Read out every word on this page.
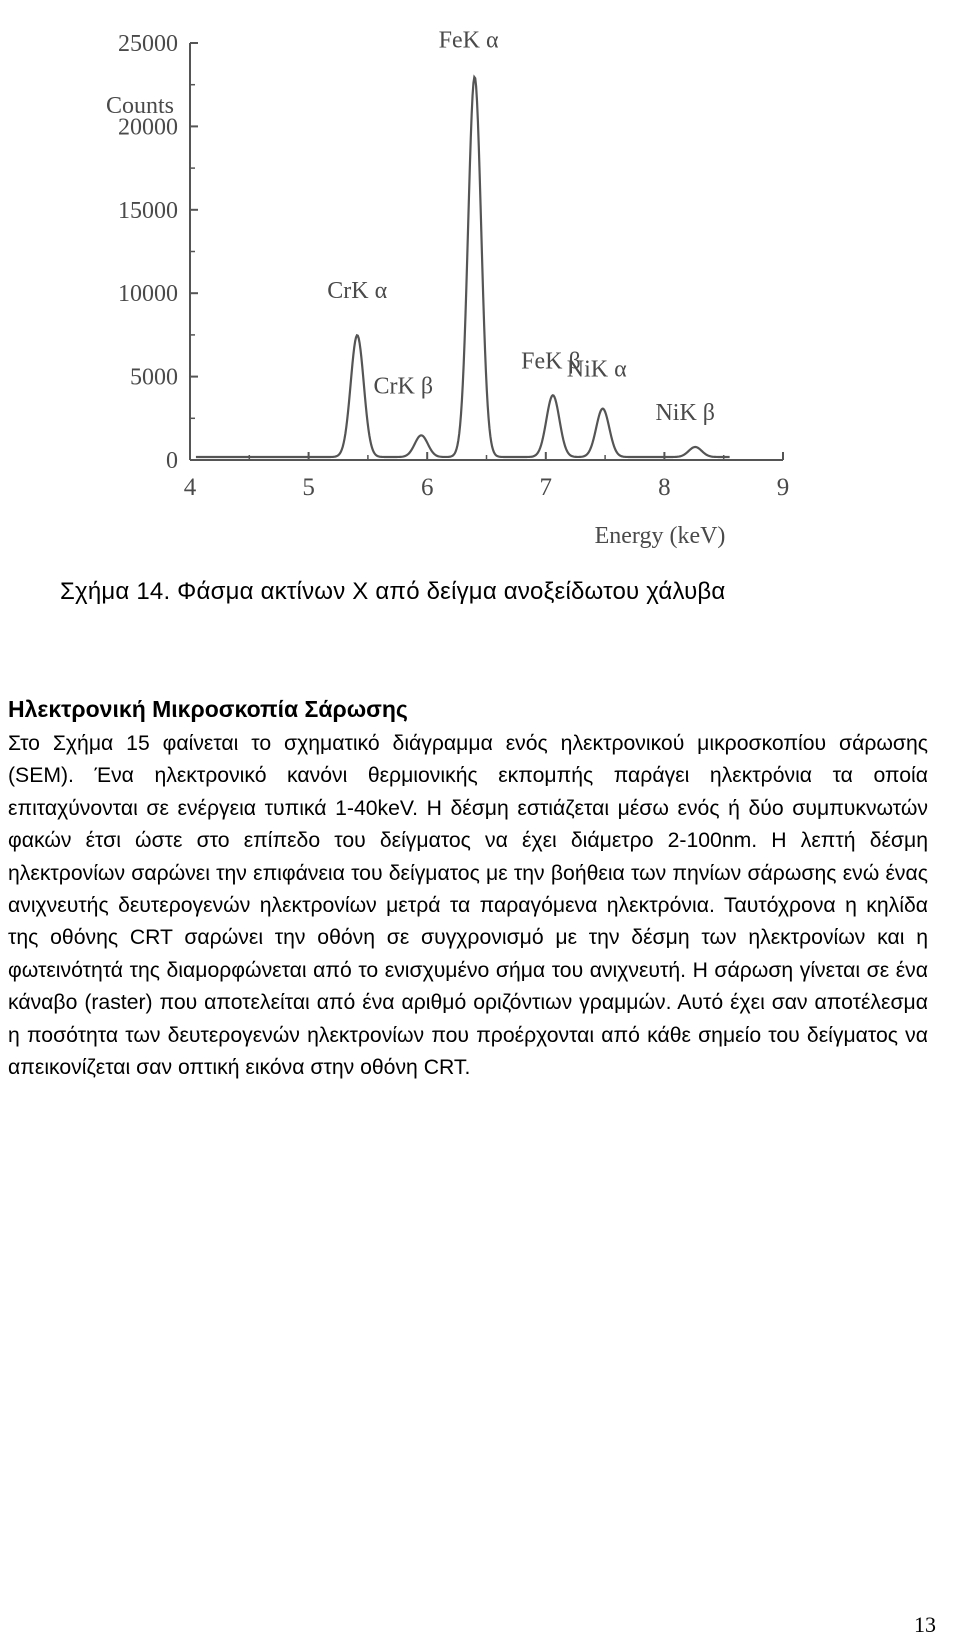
0
5000
10000
15000
20000
25000
4	5	6	7	8	9
CrK α
CrK β
FeK α
FeK β
NiK α
NiK β
Counts
Energy (keV)
Σχήμα 14. Φάσμα ακτίνων Χ από δείγμα ανοξείδωτου χάλυβα
Ηλεκτρονική Μικροσκοπία Σάρωσης
Στο Σχήμα 15 φαίνεται το σχηματικό διάγραμμα ενός ηλεκτρονικού μικροσκοπίου σάρωσης (SEM). Ένα ηλεκτρονικό κανόνι θερμιονικής εκπομπής παράγει ηλεκτρόνια τα οποία επιταχύνονται σε ενέργεια τυπικά 1-40keV. Η δέσμη εστιάζεται μέσω ενός ή δύο συμπυκνωτών φακών έτσι ώστε στο επίπεδο του δείγματος να έχει διάμετρο 2-100nm. Η λεπτή δέσμη ηλεκτρονίων σαρώνει την επιφάνεια του δείγματος με την βοήθεια των πηνίων σάρωσης ενώ ένας ανιχνευτής δευτερογενών ηλεκτρονίων μετρά τα παραγόμενα ηλεκτρόνια. Ταυτόχρονα η κηλίδα της οθόνης CRT σαρώνει την οθόνη σε συγχρονισμό με την δέσμη των ηλεκτρονίων και η φωτεινότητά της διαμορφώνεται από το ενισχυμένο σήμα του ανιχνευτή. Η σάρωση γίνεται σε ένα κάναβο (raster) που αποτελείται από ένα αριθμό οριζόντιων γραμμών. Αυτό έχει σαν αποτέλεσμα η ποσότητα των δευτερογενών ηλεκτρονίων που προέρχονται από κάθε σημείο του δείγματος να απεικονίζεται σαν οπτική εικόνα στην οθόνη CRT.
13
